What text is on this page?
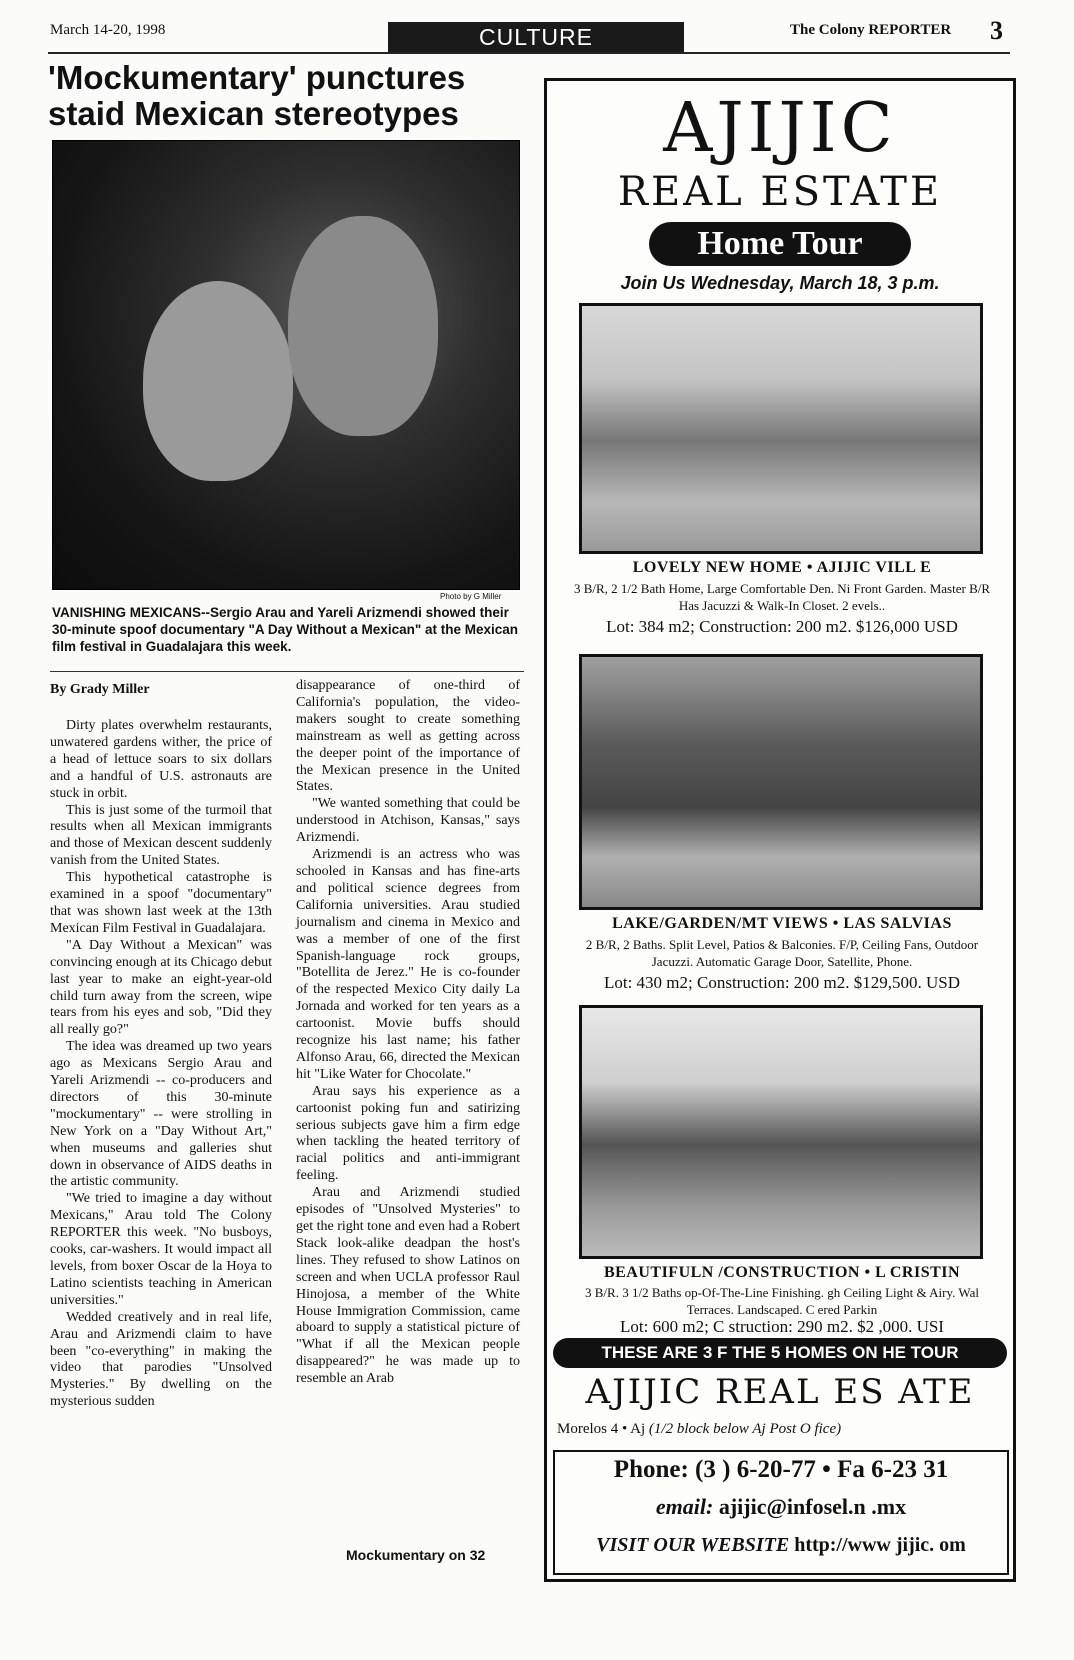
March 14-20, 1998	CULTURE	The Colony REPORTER 3
'Mockumentary' punctures staid Mexican stereotypes
Photo by G Miller
VANISHING MEXICANS--Sergio Arau and Yareli Arizmendi showed their 30-minute spoof documentary "A Day Without a Mexican" at the Mexican film festival in Guadalajara this week.
By Grady Miller

Dirty plates overwhelm restaurants, unwatered gardens wither, the price of a head of lettuce soars to six dollars and a handful of U.S. astronauts are stuck in orbit.

This is just some of the turmoil that results when all Mexican immigrants and those of Mexican descent suddenly vanish from the United States.

This hypothetical catastrophe is examined in a spoof "documentary" that was shown last week at the 13th Mexican Film Festival in Guadalajara.

"A Day Without a Mexican" was convincing enough at its Chicago debut last year to make an eight-year-old child turn away from the screen, wipe tears from his eyes and sob, "Did they all really go?"

The idea was dreamed up two years ago as Mexicans Sergio Arau and Yareli Arizmendi -- co-producers and directors of this 30-minute "mockumentary" -- were strolling in New York on a "Day Without Art," when museums and galleries shut down in observance of AIDS deaths in the artistic community.

"We tried to imagine a day without Mexicans," Arau told The Colony REPORTER this week. "No busboys, cooks, car-washers. It would impact all levels, from boxer Oscar de la Hoya to Latino scientists teaching in American universities."

Wedded creatively and in real life, Arau and Arizmendi claim to have been "co-everything" in making the video that parodies "Unsolved Mysteries." By dwelling on the mysterious sudden

disappearance of one-third of California's population, the video-makers sought to create something mainstream as well as getting across the deeper point of the importance of the Mexican presence in the United States.

"We wanted something that could be understood in Atchison, Kansas," says Arizmendi.

Arizmendi is an actress who was schooled in Kansas and has fine-arts and political science degrees from California universities. Arau studied journalism and cinema in Mexico and was a member of one of the first Spanish-language rock groups, "Botellita de Jerez." He is co-founder of the respected Mexico City daily La Jornada and worked for ten years as a cartoonist. Movie buffs should recognize his last name; his father Alfonso Arau, 66, directed the Mexican hit "Like Water for Chocolate."

Arau says his experience as a cartoonist poking fun and satirizing serious subjects gave him a firm edge when tackling the heated territory of racial politics and anti-immigrant feeling.

Arau and Arizmendi studied episodes of "Unsolved Mysteries" to get the right tone and even had a Robert Stack look-alike deadpan the host's lines. They refused to show Latinos on screen and when UCLA professor Raul Hinojosa, a member of the White House Immigration Commission, came aboard to supply a statistical picture of "What if all the Mexican people disappeared?" he was made up to resemble an Arab

Mockumentary on 32
AJIJIC
REAL ESTATE
Home Tour
Join Us Wednesday, March 18, 3 p.m.
LOVELY NEW HOME • AJIJIC VILL E
3 B/R, 2 1/2 Bath Home, Large Comfortable Den. Ni Front Garden. Master B/R Has Jacuzzi & Walk-In Closet. 2 evels..
Lot: 384 m2; Construction: 200 m2. $126,000 USD
LAKE/GARDEN/MT VIEWS • LAS SALVIAS
2 B/R, 2 Baths. Split Level, Patios & Balconies. F/P, Ceiling Fans, Outdoor Jacuzzi. Automatic Garage Door, Satellite, Phone.
Lot: 430 m2; Construction: 200 m2. $129,500. USD
BEAUTIFULN /CONSTRUCTION • L CRISTIN
3 B/R. 3 1/2 Baths op-Of-The-Line Finishing. gh Ceiling Light & Airy. Wal Terraces. Landscaped. C ered Parkin
Lot: 600 m2; C struction: 290 m2. $2 ,000. USI
THESE ARE 3 F THE 5 HOMES ON HE TOUR
AJIJIC REAL ES ATE
Morelos 4 • Aj (1/2 block below Aj Post O fice)
Phone: (3 ) 6-20-77 • Fa 6-23 31
email: ajijic@infosel.n .mx
VISIT OUR WEBSITE http://www jijic. om
